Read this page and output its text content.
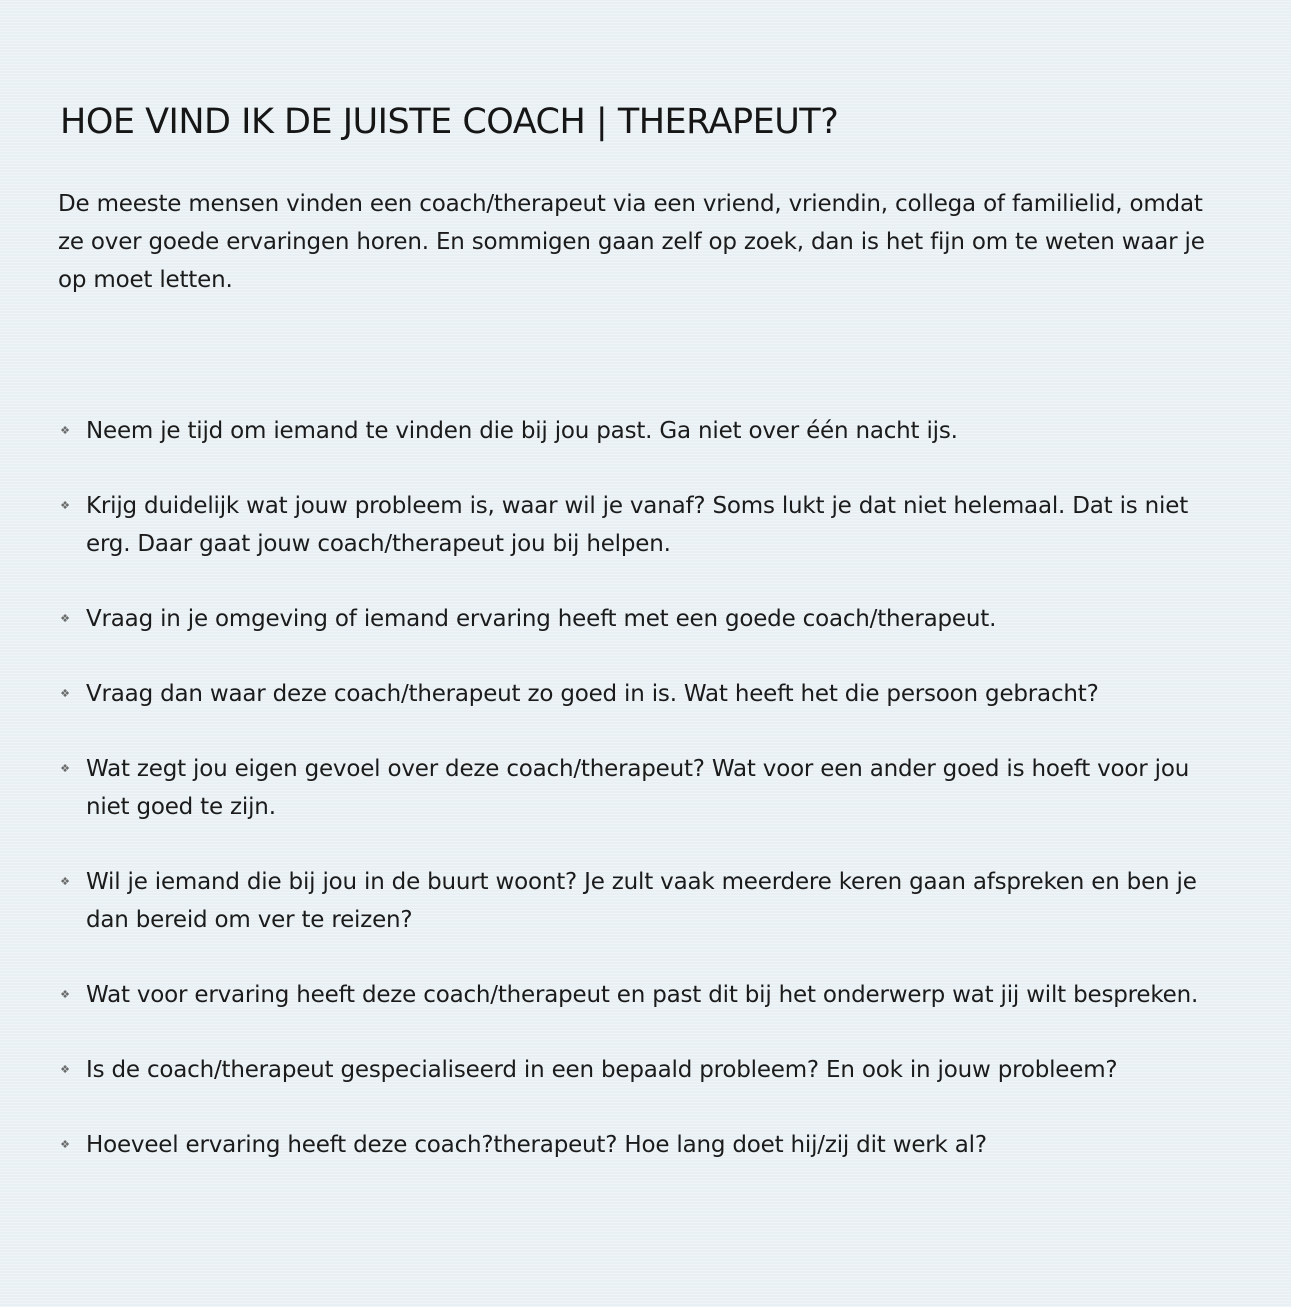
HOE VIND IK DE JUISTE COACH | THERAPEUT?

De meeste mensen vinden een coach/therapeut via een vriend, vriendin, collega of familielid, omdat ze over goede ervaringen horen. En sommigen gaan zelf op zoek, dan is het fijn om te weten waar je op moet letten.

❖ Neem je tijd om iemand te vinden die bij jou past. Ga niet over één nacht ijs.
❖ Krijg duidelijk wat jouw probleem is, waar wil je vanaf? Soms lukt je dat niet helemaal. Dat is niet erg. Daar gaat jouw coach/therapeut jou bij helpen.
❖ Vraag in je omgeving of iemand ervaring heeft met een goede coach/therapeut.
❖ Vraag dan waar deze coach/therapeut zo goed in is. Wat heeft het die persoon gebracht?
❖ Wat zegt jou eigen gevoel over deze coach/therapeut? Wat voor een ander goed is hoeft voor jou niet goed te zijn.
❖ Wil je iemand die bij jou in de buurt woont? Je zult vaak meerdere keren gaan afspreken en ben je dan bereid om ver te reizen?
❖ Wat voor ervaring heeft deze coach/therapeut en past dit bij het onderwerp wat jij wilt bespreken.
❖ Is de coach/therapeut gespecialiseerd in een bepaald probleem? En ook in jouw probleem?
❖ Hoeveel ervaring heeft deze coach?therapeut? Hoe lang doet hij/zij dit werk al?
